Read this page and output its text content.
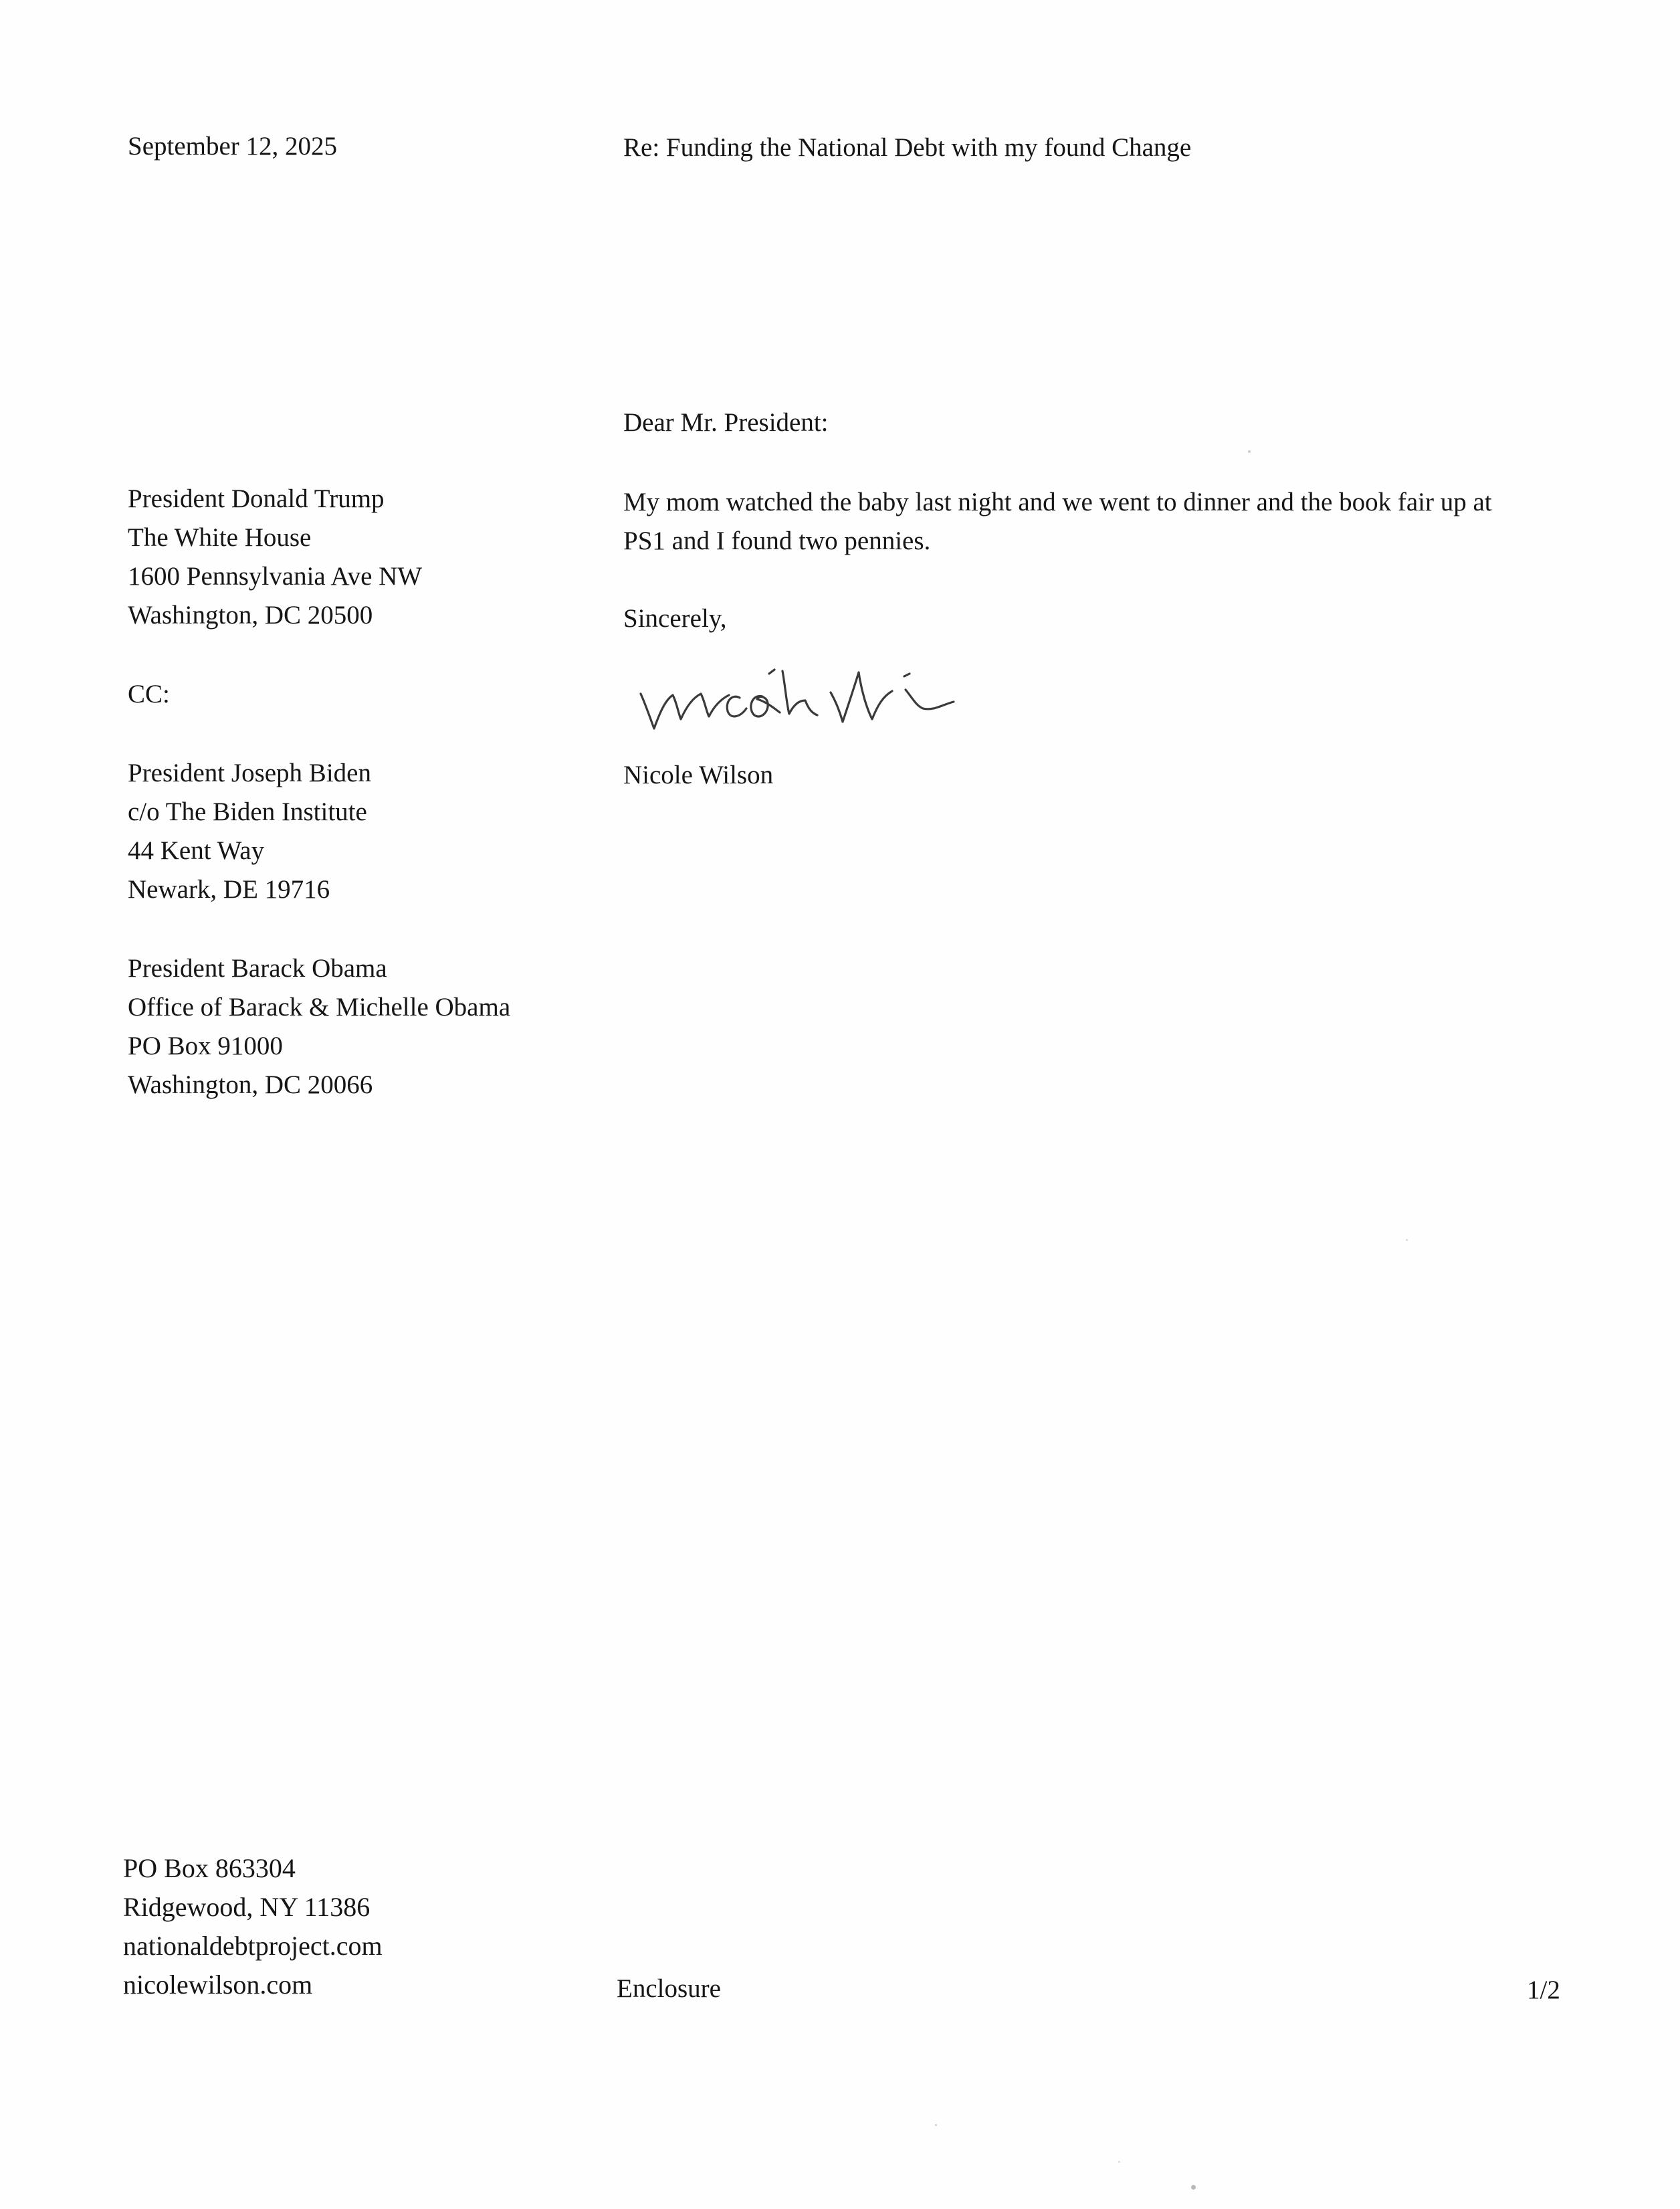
September 12, 2025	Re: Funding the National Debt with my found Change
President Donald Trump
The White House
1600 Pennsylvania Ave NW
Washington, DC 20500
CC:
President Joseph Biden
c/o The Biden Institute
44 Kent Way
Newark, DE 19716
President Barack Obama
Office of Barack & Michelle Obama
PO Box 91000
Washington, DC 20066
Dear Mr. President:
My mom watched the baby last night and we went to dinner and the book fair up at
PS1 and I found two pennies.
Sincerely,
Nicole Wilson
PO Box 863304
Ridgewood, NY 11386
nationaldebtproject.com
nicolewilson.com	Enclosure	1/2
